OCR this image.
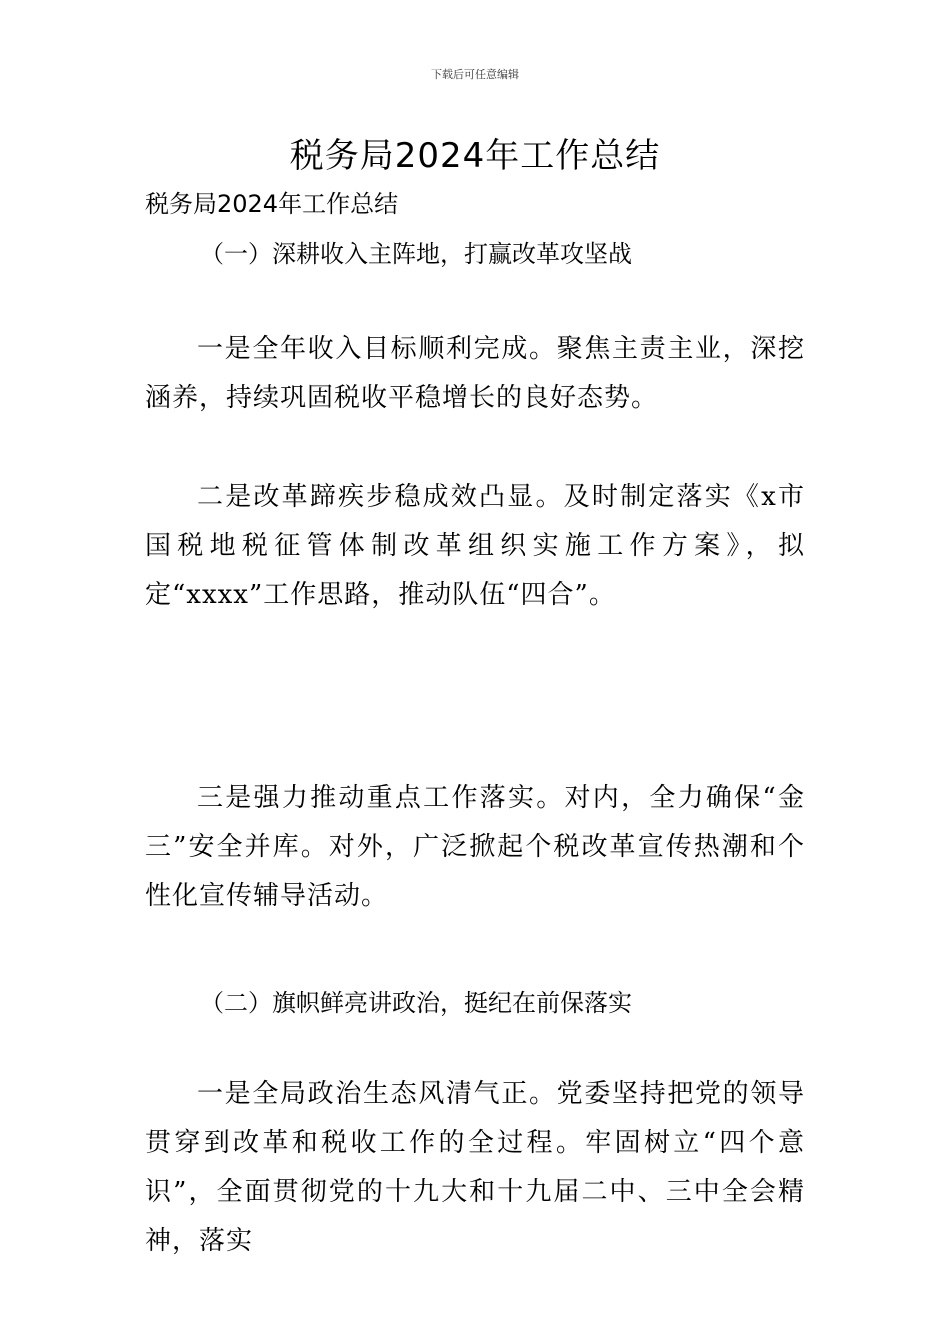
下载后可任意编辑
税务局2024年工作总结
税务局2024年工作总结
（一）深耕收入主阵地，打赢改革攻坚战

一是全年收入目标顺利完成。聚焦主责主业，深挖涵养，持续巩固税收平稳增长的良好态势。

二是改革蹄疾步稳成效凸显。及时制定落实《x市国税地税征管体制改革组织实施工作方案》，拟定“xxxx”工作思路，推动队伍“四合”。

三是强力推动重点工作落实。对内，全力确保“金三”安全并库。对外，广泛掀起个税改革宣传热潮和个性化宣传辅导活动。

（二）旗帜鲜亮讲政治，挺纪在前保落实

一是全局政治生态风清气正。党委坚持把党的领导贯穿到改革和税收工作的全过程。牢固树立“四个意识”，全面贯彻党的十九大和十九届二中、三中全会精神，落实
